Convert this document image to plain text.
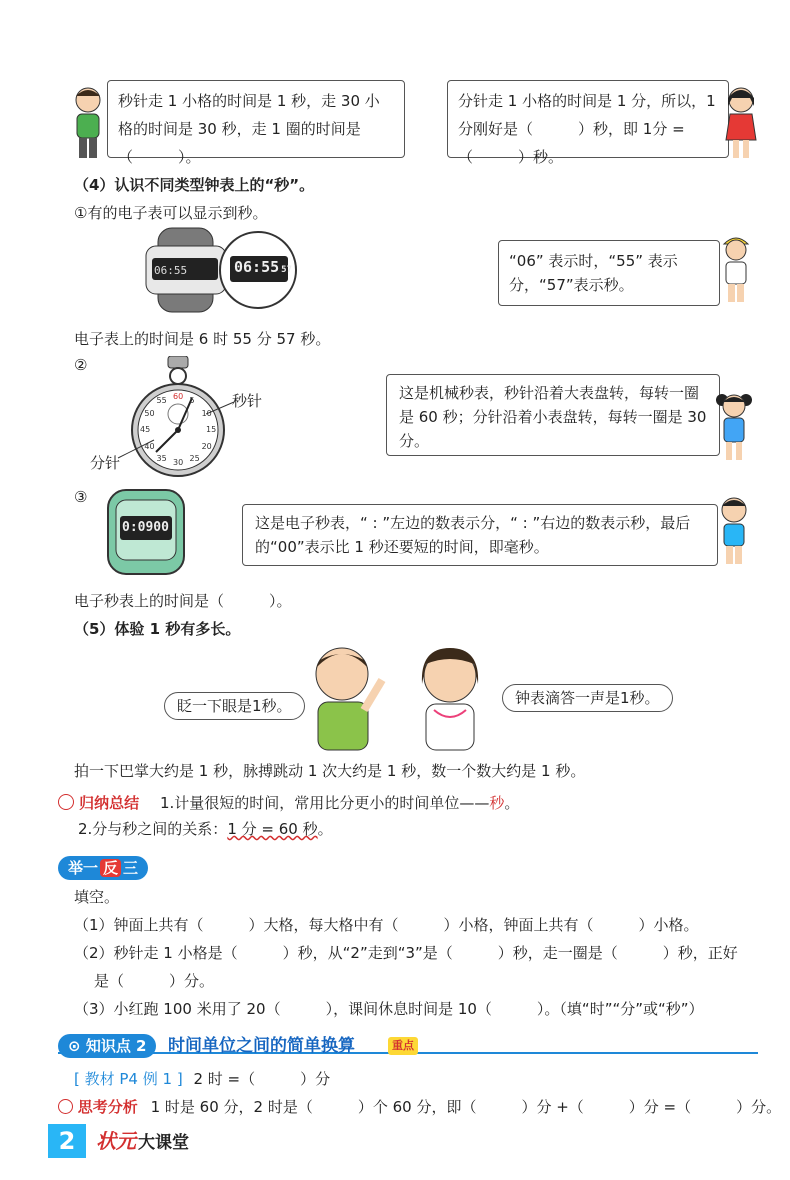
秒针走 1 小格的时间是 1 秒，走 30 小格的时间是 30 秒，走 1 圈的时间是（　　　）。
分针走 1 小格的时间是 1 分，所以，1 分刚好是（　　　）秒，即 1分 =（　　　）秒。
（4）认识不同类型钟表上的“秒”。
①有的电子表可以显示到秒。
06:55	06:55 57	“06” 表示时，“55” 表示分，“57”表示秒。
电子表上的时间是 6 时 55 分 57 秒。
②
60 5
10
15
20
25
30
35
40
45
50
55	秒针
分针
这是机械秒表，秒针沿着大表盘转，每转一圈是 60 秒；分针沿着小表盘转，每转一圈是 30 分。
③
0:0900	这是电子秒表，“ : ”左边的数表示分，“ : ”右边的数表示秒，最后的“00”表示比 1 秒还要短的时间，即毫秒。
电子秒表上的时间是（　　　）。
（5）体验 1 秒有多长。
眨一下眼是1秒。	钟表滴答一声是1秒。
拍一下巴掌大约是 1 秒，脉搏跳动 1 次大约是 1 秒，数一个数大约是 1 秒。
归纳总结 1.计量很短的时间，常用比分更小的时间单位——秒。
2.分与秒之间的关系：1 分 = 60 秒。
举一 反 三
填空。
（1）钟面上共有（　　　）大格，每大格中有（　　　）小格，钟面上共有（　　　）小格。
（2）秒针走 1 小格是（　　　）秒，从“2”走到“3”是（　　　）秒，走一圈是（　　　）秒，正好
是（　　　）分。
（3）小红跑 100 米用了 20（　　　），课间休息时间是 10（　　　）。（填“时”“分”或“秒”）
⊙ 知识点 2	时间单位之间的简单换算	重点
[ 教材 P4 例 1 ] 2 时 =（　　　）分
思考分析 1 时是 60 分，2 时是（　　　）个 60 分，即（　　　）分 +（　　　）分 =（　　　）分。
2	状元 大课堂
